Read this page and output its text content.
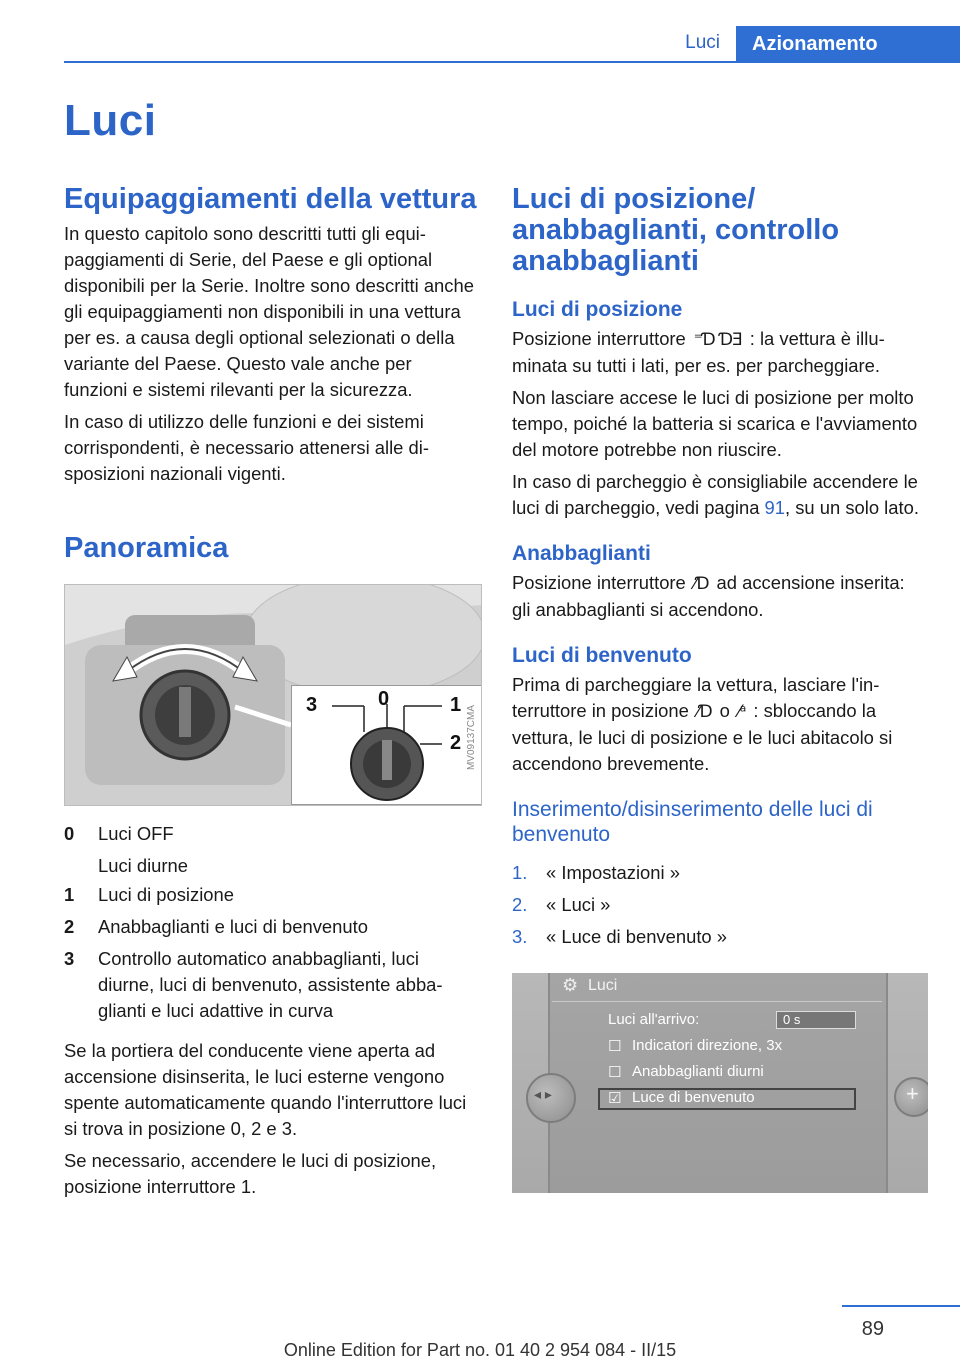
Luci	Azionamento
Luci
Equipaggiamenti della vettura

In questo capitolo sono descritti tutti gli equipaggiamenti di Serie, del Paese e gli optional disponibili per la Serie. Inoltre sono descritti anche gli equipaggiamenti non disponibili in una vettura per es. a causa degli optional selezionati o della variante del Paese. Questo vale anche per funzioni e sistemi rilevanti per la sicurezza.

In caso di utilizzo delle funzioni e dei sistemi corrispondenti, è necessario attenersi alle disposizioni nazionali vigenti.

Panoramica
3	0	1
2 MV09137CMA
0	Luci OFF
Luci diurne
1	Luci di posizione
2	Anabbaglianti e luci di benvenuto
3	Controllo automatico anabbaglianti, luci diurne, luci di benvenuto, assistente abbaglianti e luci adattive in curva

Se la portiera del conducente viene aperta ad accensione disinserita, le luci esterne vengono spente automaticamente quando l'interruttore luci si trova in posizione 0, 2 e 3.

Se necessario, accendere le luci di posizione, posizione interruttore 1.

Luci di posizione/ anabbaglianti, controllo anabbaglianti
Luci di posizione

Posizione interruttore ⁼Ɗ ƊƎ : la vettura è illuminata su tutti i lati, per es. per parcheggiare.

Non lasciare accese le luci di posizione per molto tempo, poiché la batteria si scarica e l'avviamento del motore potrebbe non riuscire.

In caso di parcheggio è consigliabile accendere le luci di parcheggio, vedi pagina 91, su un solo lato.

Anabbaglianti

Posizione interruttore ⁄Ɗ ad accensione inserita: gli anabbaglianti si accendono.

Luci di benvenuto

Prima di parcheggiare la vettura, lasciare l'interruttore in posizione ⁄Ɗ o ⁄ᵃ : sbloccando la vettura, le luci di posizione e le luci abitacolo si accendono brevemente.

Inserimento/disinserimento delle luci di benvenuto
1.	« Impostazioni »
2.	« Luci »
3.	« Luce di benvenuto »
⚙ Luci
Luci all'arrivo:	0 s
☐ Indicatori direzione, 3x
☐ Anabbaglianti diurni
☑ Luce di benvenuto
◂ ▸	+
89
Online Edition for Part no. 01 40 2 954 084 - II/15
